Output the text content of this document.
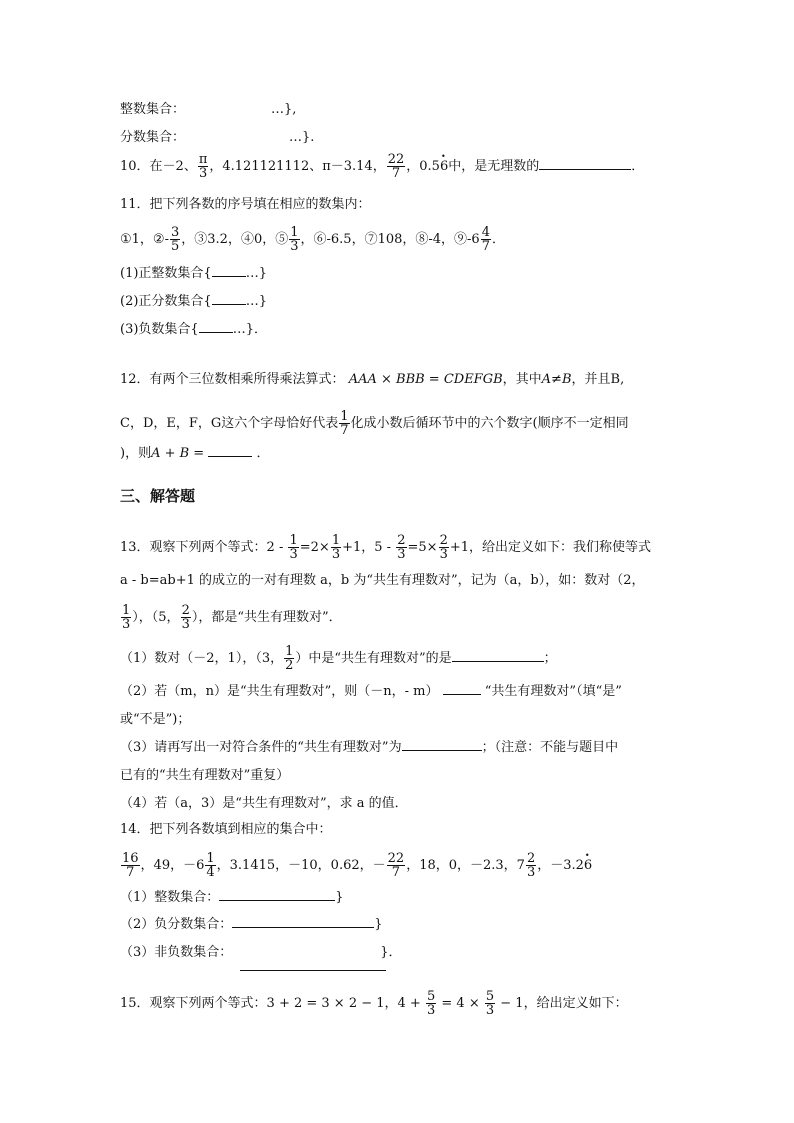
整数集合：	…},
分数集合：	…}.
10．在－2、 $\frac{\pi}{3}$ ，4.121121112、π－3.14， $\frac{22}{7}$ ，0.5• 6中，是无理数的	．
11．把下列各数的序号填在相应的数集内：
①1，②- $\frac{3}{5}$ ，③3.2，④0，⑤ $\frac{1}{3}$ ，⑥-6.5，⑦108，⑧-4，⑨-6 $\frac{4}{7}$ ．
(1)正整数集合{	…}
(2)正分数集合{	…}
(3)负数集合{	…}．
12．有两个三位数相乘所得乘法算式： AAA × BBB = CDEFGB，其中A≠B，并且B,
C，D，E，F，G这六个字母恰好代表 $\frac{1}{7}$ 化成小数后循环节中的六个数字(顺序不一定相同
)，则A + B =	．
三、解答题
13．观察下列两个等式：$2 - \frac{1}{3} =2\times \frac{1}{3} +1$，$5 - \frac{2}{3} =5\times \frac{2}{3} +1$，给出定义如下：我们称使等式
a - b=ab+1 的成立的一对有理数 a，b 为“共生有理数对”，记为（a，b），如：数对（2，
$\frac{1}{3}$ ），（5， $\frac{2}{3}$ ），都是“共生有理数对”．
（1）数对（－2，1），（3， $\frac{1}{2}$ ）中是“共生有理数对”的是	；
（2）若（m，n）是“共生有理数对”，则（－n，- m）	“共生有理数对”（填“是”
或“不是”)；
（3）请再写出一对符合条件的“共生有理数对”为	；（注意：不能与题目中
已有的“共生有理数对”重复）
（4）若（a，3）是“共生有理数对”，求 a 的值．
14．把下列各数填到相应的集合中：
$\frac{16}{7}$ ，49，$-6 \frac{1}{4}$ ，3.1415，－10，0.62，－ $\frac{22}{7}$ ，18，0，－2.3，$7 \frac{2}{3}$ ，－3.2• 6
（1）整数集合：	}
（2）负分数集合：	}
（3）非负数集合：	}．
15．观察下列两个等式：3 + 2 = 3 × 2 − 1，$4 + \frac{5}{3} = 4 \times \frac{5}{3} - 1$，给出定义如下：
